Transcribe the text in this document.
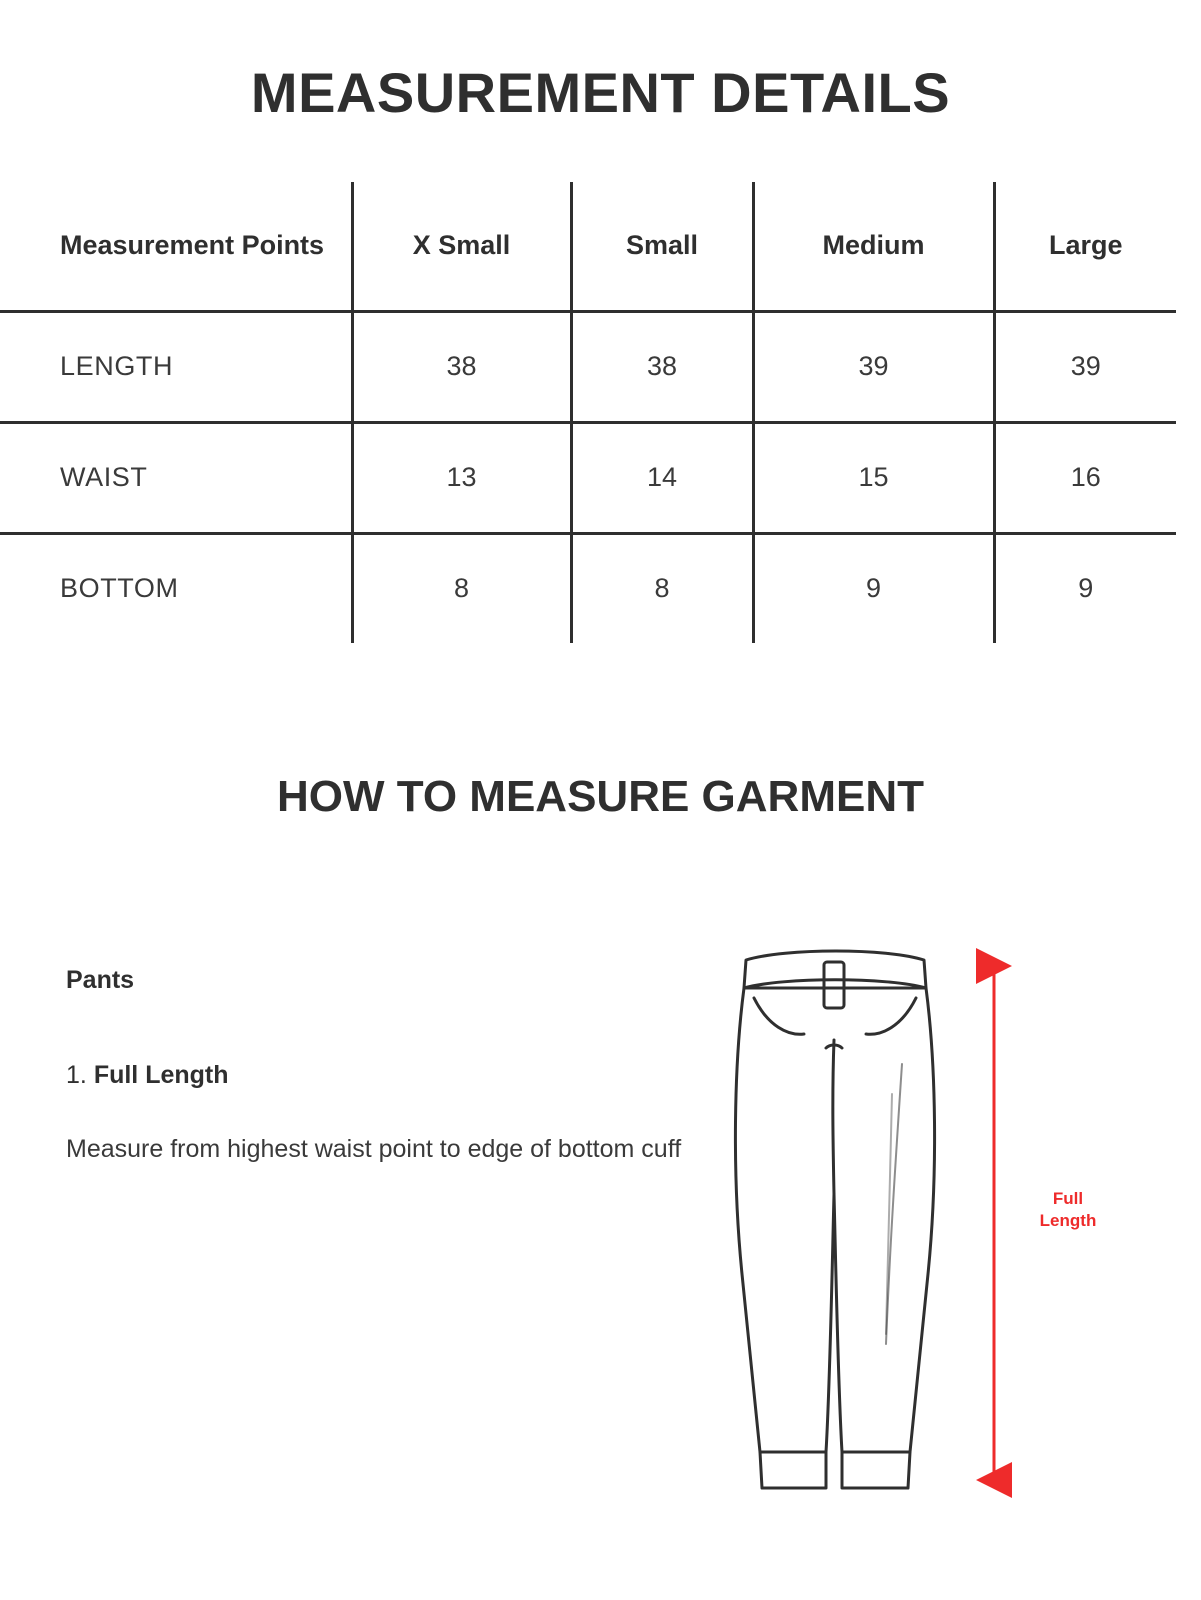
MEASUREMENT DETAILS
Measurement Points	X Small	Small	Medium	Large
LENGTH	38	38	39	39
WAIST	13	14	15	16
BOTTOM	8	8	9	9
HOW TO MEASURE GARMENT

Pants

1. Full Length

Measure from highest waist point to edge of bottom cuff

Full
Length
